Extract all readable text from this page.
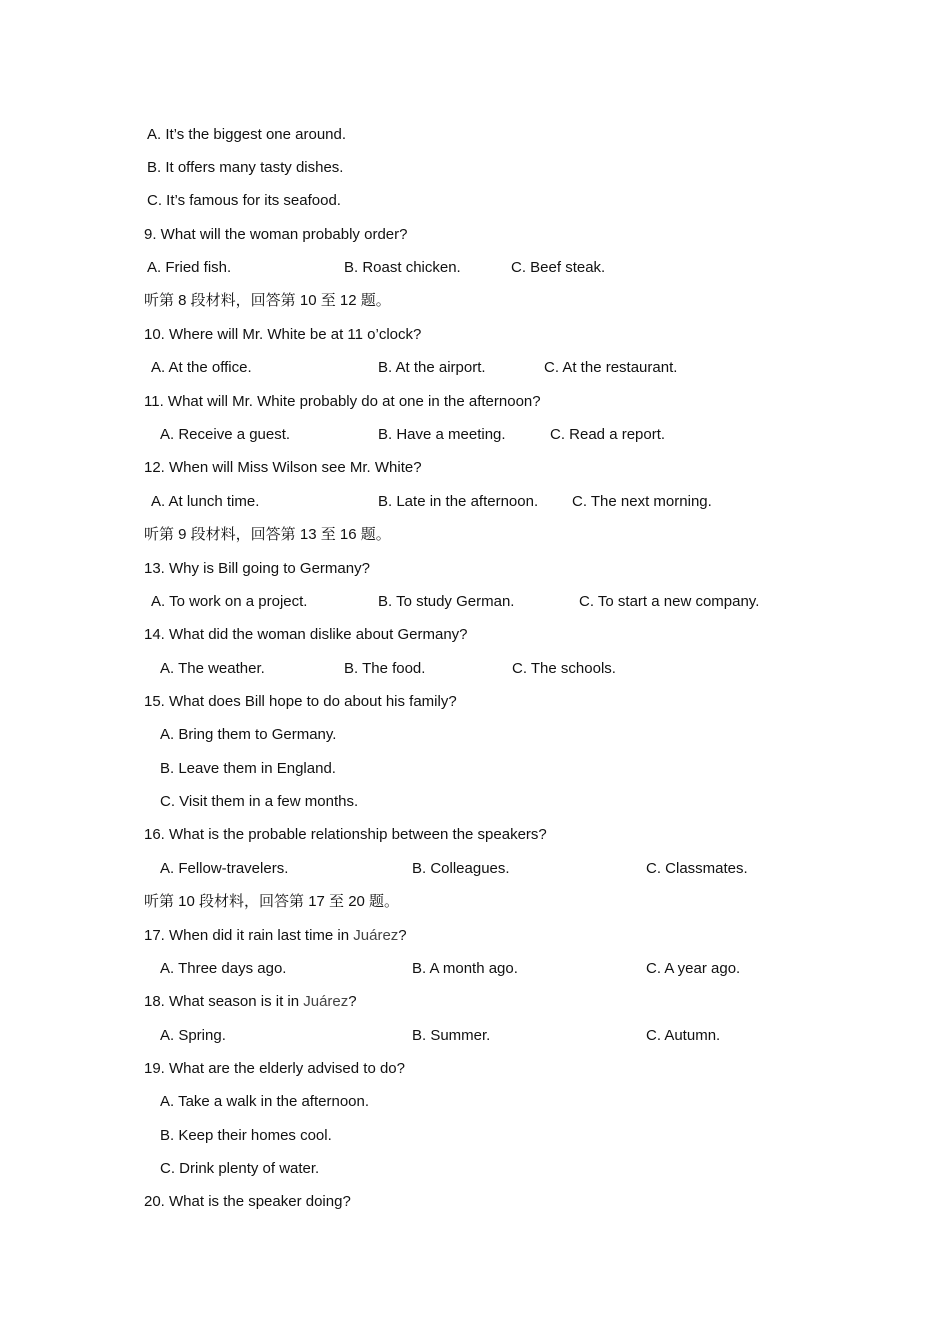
A. It’s the biggest one around.
B. It offers many tasty dishes.
C. It’s famous for its seafood.
9. What will the woman probably order?
A. Fried fish.	B. Roast chicken.	C. Beef steak.
听第 8 段材料，回答第 10 至 12 题。
10. Where will Mr. White be at 11 o’clock?
A. At the office.	B. At the airport.	C. At the restaurant.
11. What will Mr. White probably do at one in the afternoon?
A. Receive a guest.	B. Have a meeting.	C. Read a report.
12. When will Miss Wilson see Mr. White?
A. At lunch time.	B. Late in the afternoon. C. The next morning.
听第 9 段材料，回答第 13 至 16 题。
13. Why is Bill going to Germany?
A. To work on a project.	B. To study German.	C. To start a new company.
14. What did the woman dislike about Germany?
A. The weather.	B. The food.	C. The schools.
15. What does Bill hope to do about his family?
A. Bring them to Germany.
B. Leave them in England.
C. Visit them in a few months.
16. What is the probable relationship between the speakers?
A. Fellow-travelers.	B. Colleagues.	C. Classmates.
听第 10 段材料，回答第 17 至 20 题。
17. When did it rain last time in Juárez?
A. Three days ago.	B. A month ago.	C. A year ago.
18. What season is it in Juárez?
A. Spring.	B. Summer.	C. Autumn.
19. What are the elderly advised to do?
A. Take a walk in the afternoon.
B. Keep their homes cool.
C. Drink plenty of water.
20. What is the speaker doing?
